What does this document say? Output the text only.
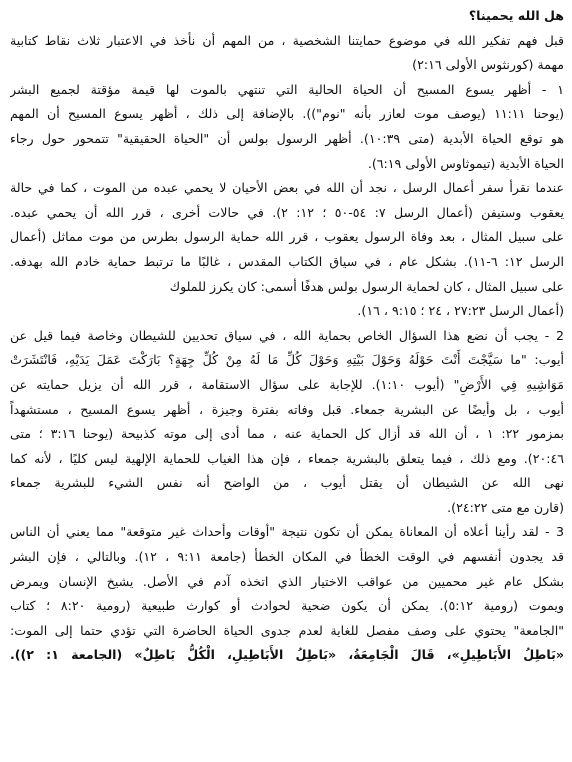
هل الله يحمينا؟
قبل فهم تفكير الله في موضوع حمايتنا الشخصية ، من المهم أن نأخذ في الاعتبار ثلاث نقاط كتابية
مهمة (كورنثوس الأولى ٢:١٦)
١ - أظهر يسوع المسيح أن الحياة الحالية التي تنتهي بالموت لها قيمة مؤقتة لجميع البشر
(يوحنا ١١:١١ (يوصف موت لعازر بأنه "نوم")). بالإضافة إلى ذلك ، أظهر يسوع المسيح أن المهم
هو توقع الحياة الأبدية (متى ١٠:٣٩). أظهر الرسول بولس أن "الحياة الحقيقية" تتمحور حول رجاء
الحياة الأبدية (تيموثاوس الأولى ٦:١٩).
عندما نقرأ سفر أعمال الرسل ، نجد أن الله في بعض الأحيان لا يحمي عبده من الموت ، كما في حالة
يعقوب وستيفن (أعمال الرسل ٧: ٥٤-٥٠ ؛ ١٢: ٢). في حالات أخرى ، قرر الله أن يحمي عبده.
على سبيل المثال ، بعد وفاة الرسول يعقوب ، قرر الله حماية الرسول بطرس من موت مماثل (أعمال
الرسل ١٢: ٦-١١). بشكل عام ، في سياق الكتاب المقدس ، غالبًا ما ترتبط حماية خادم الله بهدفه.
على سبيل المثال ، كان لحماية الرسول بولس هدفًا أسمى: كان يكرز للملوك
(أعمال الرسل ٢٧:٢٣ ، ٢٤ ؛ ٩:١٥ ، ١٦).
2 - يجب أن نضع هذا السؤال الخاص بحماية الله ، في سياق تحديين للشيطان وخاصة فيما قيل عن
أيوب: "ما سَيَّجْتَ أَنْتَ حَوْلَهُ وَحَوْلَ بَيْتِهِ وَحَوْلَ كُلِّ مَا لَهُ مِنْ كُلِّ جِهَةٍ؟ بَارَكْتَ عَمَلَ يَدَيْهِ، فَانْتَشَرَتْ
مَوَاشِيهِ فِي الأَرْضِ" (أيوب ١:١٠). للإجابة على سؤال الاستقامة ، قرر الله أن يزيل حمايته عن
أيوب ، بل وأيضًا عن البشرية جمعاء. قبل وفاته بفترة وجيزة ، أظهر يسوع المسيح ، مستشهداً
بمزمور ٢٢: ١ ، أن الله قد أزال كل الحماية عنه ، مما أدى إلى موته كذبيحة (يوحنا ٣:١٦ ؛ متى
٢٠:٤٦). ومع ذلك ، فيما يتعلق بالبشرية جمعاء ، فإن هذا الغياب للحماية الإلهية ليس كليًا ، لأنه كما
نهى الله عن الشيطان أن يقتل أيوب ، من الواضح أنه نفس الشيء للبشرية جمعاء
(قارن مع متى ٢٤:٢٢).
3 - لقد رأينا أعلاه أن المعاناة يمكن أن تكون نتيجة "أوقات وأحداث غير متوقعة" مما يعني أن الناس
قد يجدون أنفسهم في الوقت الخطأ في المكان الخطأ (جامعة ٩:١١ ، ١٢). وبالتالي ، فإن البشر
بشكل عام غير محميين من عواقب الاختيار الذي اتخذه آدم في الأصل. يشيخ الإنسان ويمرض
ويموت (رومية ٥:١٢). يمكن أن يكون ضحية لحوادث أو كوارث طبيعية (رومية ٨:٢٠ ؛ كتاب
"الجامعة" يحتوي على وصف مفصل للغاية لعدم جدوى الحياة الحاضرة التي تؤدي حتما إلى الموت:
«بَاطِلُ الأَبَاطِيلِ»، قَالَ الْجَامِعَةُ، «بَاطِلُ الأَبَاطِيلِ، الْكُلُّ بَاطِلٌ» (الجامعة ١: ٢)).
